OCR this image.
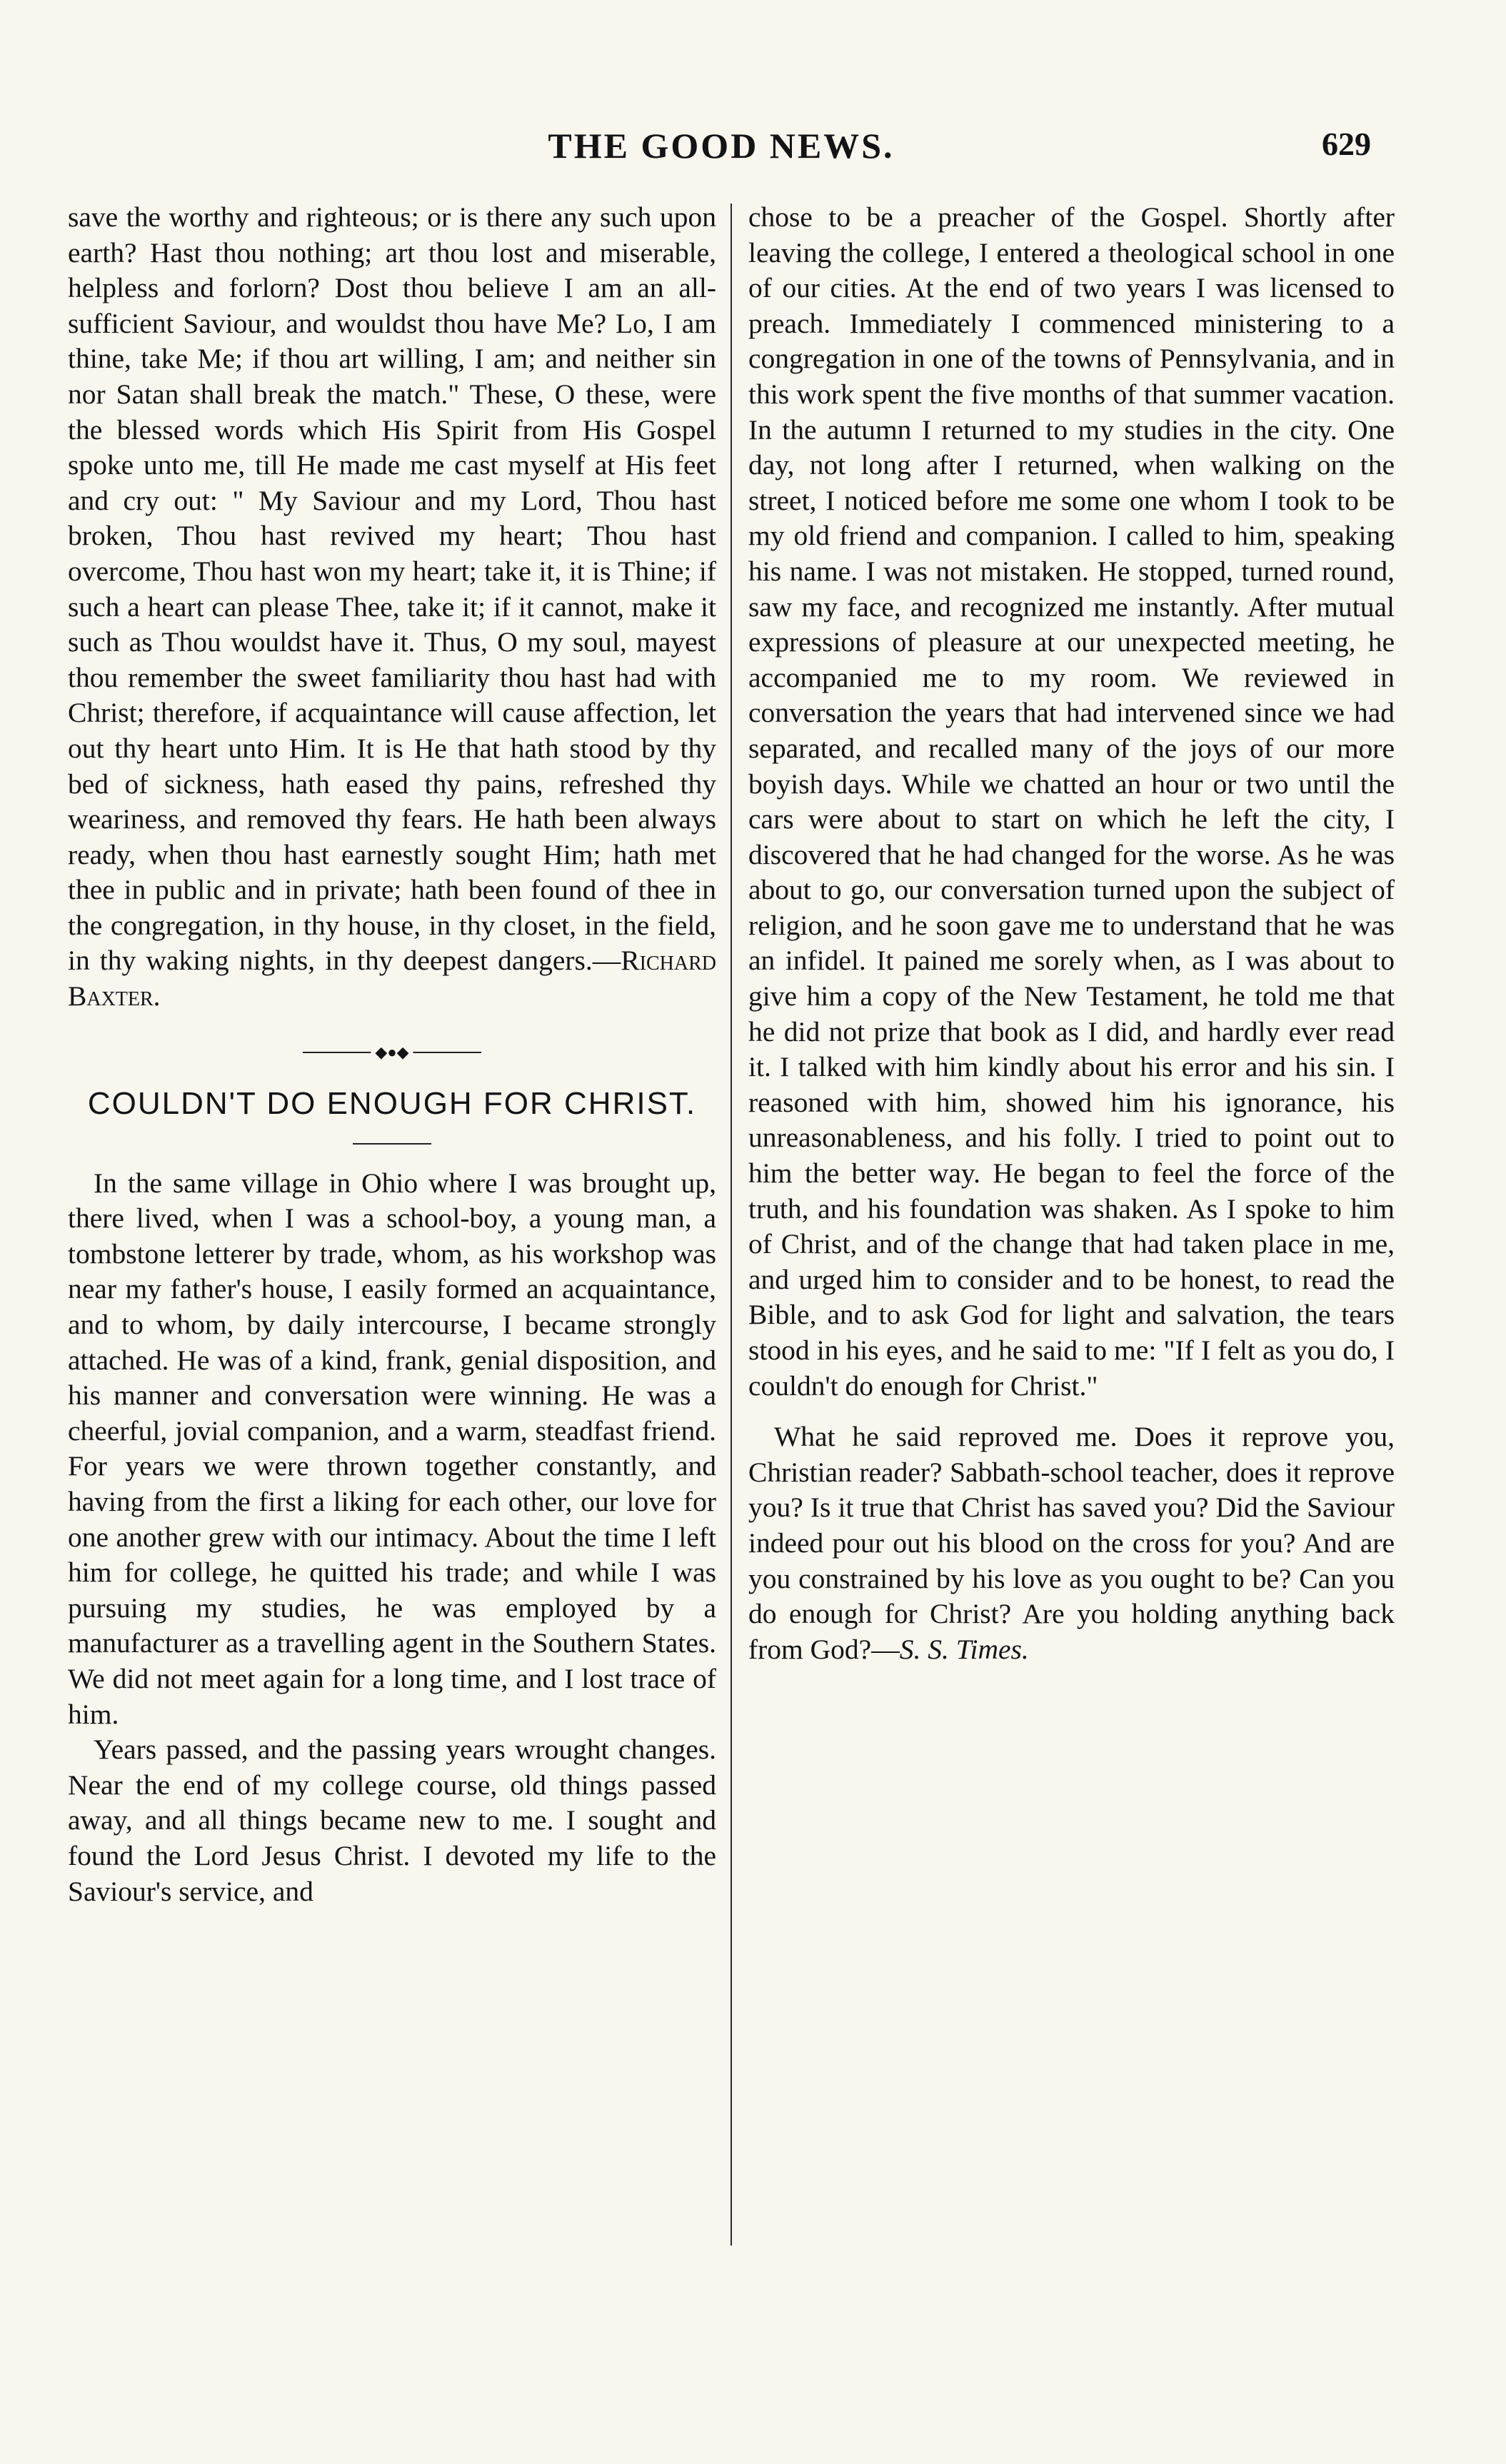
THE GOOD NEWS.	629

save the worthy and righteous; or is there any such upon earth? Hast thou nothing; art thou lost and miserable, helpless and forlorn? Dost thou believe I am an all-sufficient Saviour, and wouldst thou have Me? Lo, I am thine, take Me; if thou art willing, I am; and neither sin nor Satan shall break the match." These, O these, were the blessed words which His Spirit from His Gospel spoke unto me, till He made me cast myself at His feet and cry out: " My Saviour and my Lord, Thou hast broken, Thou hast revived my heart; Thou hast overcome, Thou hast won my heart; take it, it is Thine; if such a heart can please Thee, take it; if it cannot, make it such as Thou wouldst have it. Thus, O my soul, mayest thou remember the sweet familiarity thou hast had with Christ; therefore, if acquaintance will cause affection, let out thy heart unto Him. It is He that hath stood by thy bed of sickness, hath eased thy pains, refreshed thy weariness, and removed thy fears. He hath been always ready, when thou hast earnestly sought Him; hath met thee in public and in private; hath been found of thee in the congregation, in thy house, in thy closet, in the field, in thy waking nights, in thy deepest dangers.—Richard Baxter.

◆●◆

COULDN'T DO ENOUGH FOR CHRIST.

In the same village in Ohio where I was brought up, there lived, when I was a school-boy, a young man, a tombstone letterer by trade, whom, as his workshop was near my father's house, I easily formed an acquaintance, and to whom, by daily intercourse, I became strongly attached. He was of a kind, frank, genial disposition, and his manner and conversation were winning. He was a cheerful, jovial companion, and a warm, steadfast friend. For years we were thrown together constantly, and having from the first a liking for each other, our love for one another grew with our intimacy. About the time I left him for college, he quitted his trade; and while I was pursuing my studies, he was employed by a manufacturer as a travelling agent in the Southern States. We did not meet again for a long time, and I lost trace of him.

Years passed, and the passing years wrought changes. Near the end of my college course, old things passed away, and all things became new to me. I sought and found the Lord Jesus Christ. I devoted my life to the Saviour's service, and

chose to be a preacher of the Gospel. Shortly after leaving the college, I entered a theological school in one of our cities. At the end of two years I was licensed to preach. Immediately I commenced ministering to a congregation in one of the towns of Pennsylvania, and in this work spent the five months of that summer vacation. In the autumn I returned to my studies in the city. One day, not long after I returned, when walking on the street, I noticed before me some one whom I took to be my old friend and companion. I called to him, speaking his name. I was not mistaken. He stopped, turned round, saw my face, and recognized me instantly. After mutual expressions of pleasure at our unexpected meeting, he accompanied me to my room. We reviewed in conversation the years that had intervened since we had separated, and recalled many of the joys of our more boyish days. While we chatted an hour or two until the cars were about to start on which he left the city, I discovered that he had changed for the worse. As he was about to go, our conversation turned upon the subject of religion, and he soon gave me to understand that he was an infidel. It pained me sorely when, as I was about to give him a copy of the New Testament, he told me that he did not prize that book as I did, and hardly ever read it. I talked with him kindly about his error and his sin. I reasoned with him, showed him his ignorance, his unreasonableness, and his folly. I tried to point out to him the better way. He began to feel the force of the truth, and his foundation was shaken. As I spoke to him of Christ, and of the change that had taken place in me, and urged him to consider and to be honest, to read the Bible, and to ask God for light and salvation, the tears stood in his eyes, and he said to me: "If I felt as you do, I couldn't do enough for Christ."

What he said reproved me. Does it reprove you, Christian reader? Sabbath-school teacher, does it reprove you? Is it true that Christ has saved you? Did the Saviour indeed pour out his blood on the cross for you? And are you constrained by his love as you ought to be? Can you do enough for Christ? Are you holding anything back from God?—S. S. Times.
